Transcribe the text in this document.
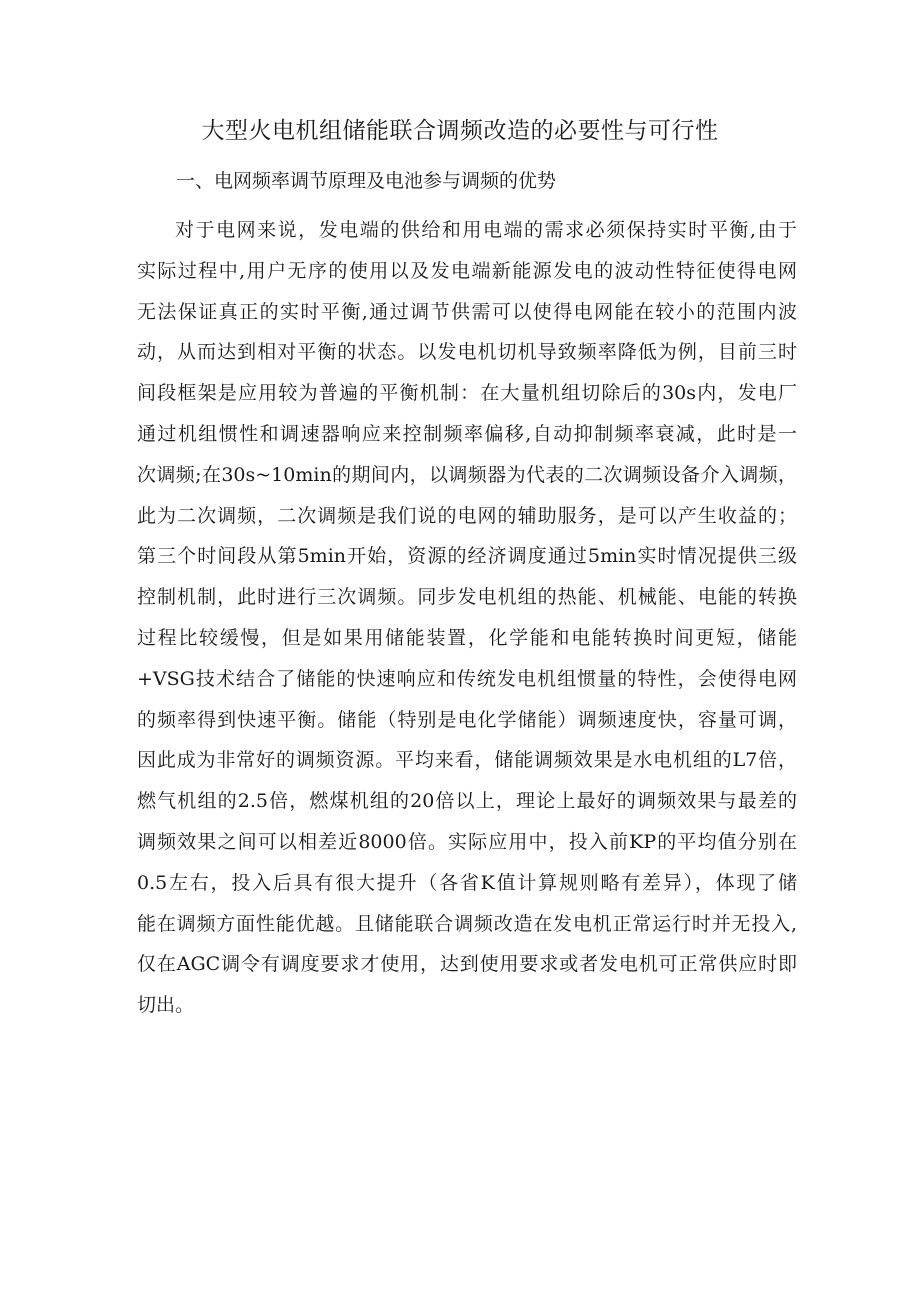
大型火电机组储能联合调频改造的必要性与可行性
一、电网频率调节原理及电池参与调频的优势
对于电网来说，发电端的供给和用电端的需求必须保持实时平衡,由于
实际过程中,用户无序的使用以及发电端新能源发电的波动性特征使得电网
无法保证真正的实时平衡,通过调节供需可以使得电网能在较小的范围内波
动，从而达到相对平衡的状态。以发电机切机导致频率降低为例，目前三时
间段框架是应用较为普遍的平衡机制：在大量机组切除后的30s内，发电厂
通过机组惯性和调速器响应来控制频率偏移,自动抑制频率衰减，此时是一
次调频;在30s~10min的期间内，以调频器为代表的二次调频设备介入调频，
此为二次调频，二次调频是我们说的电网的辅助服务，是可以产生收益的；
第三个时间段从第5min开始，资源的经济调度通过5min实时情况提供三级
控制机制，此时进行三次调频。同步发电机组的热能、机械能、电能的转换
过程比较缓慢，但是如果用储能装置，化学能和电能转换时间更短，储能
+VSG技术结合了储能的快速响应和传统发电机组惯量的特性，会使得电网
的频率得到快速平衡。储能（特别是电化学储能）调频速度快，容量可调，
因此成为非常好的调频资源。平均来看，储能调频效果是水电机组的L7倍，
燃气机组的2.5倍，燃煤机组的20倍以上，理论上最好的调频效果与最差的
调频效果之间可以相差近8000倍。实际应用中，投入前KP的平均值分别在
0.5左右，投入后具有很大提升（各省K值计算规则略有差异），体现了储
能在调频方面性能优越。且储能联合调频改造在发电机正常运行时并无投入,
仅在AGC调令有调度要求才使用，达到使用要求或者发电机可正常供应时即
切出。
